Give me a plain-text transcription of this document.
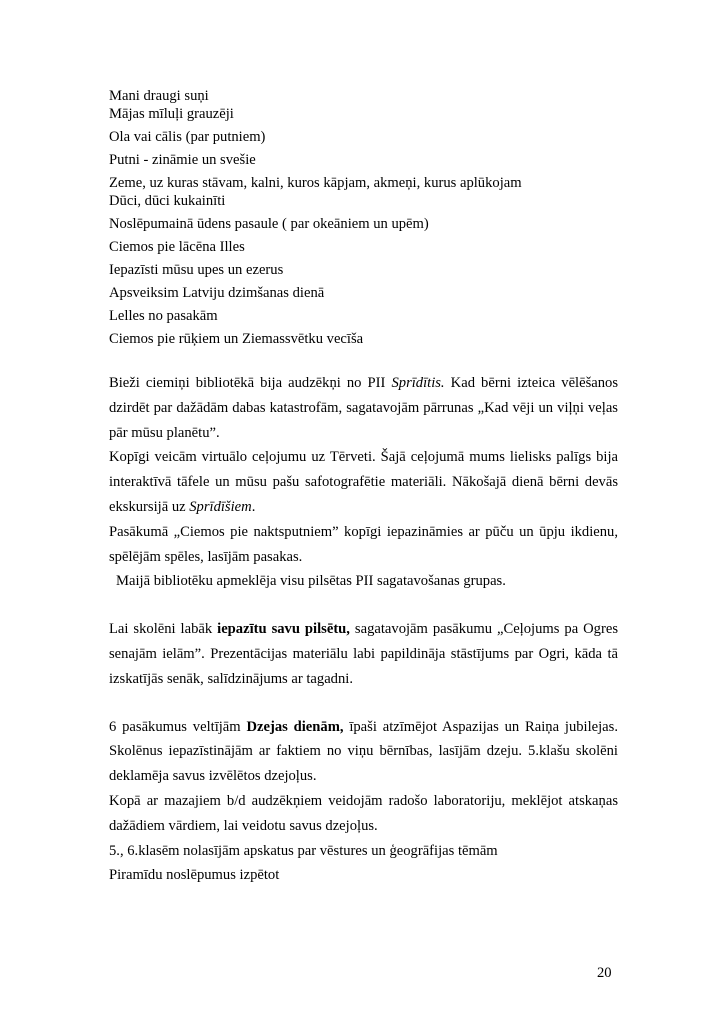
Mani draugi suņi

Mājas mīluļi grauzēji

Ola vai cālis (par putniem)

Putni - zināmie un svešie

Zeme, uz kuras stāvam, kalni, kuros kāpjam, akmeņi, kurus aplūkojam

Dūci, dūci kukainīti

Noslēpumainā ūdens pasaule ( par okeāniem un upēm)

Ciemos pie lācēna Illes

Iepazīsti mūsu upes un ezerus

Apsveiksim Latviju dzimšanas dienā

Lelles no pasakām

Ciemos pie rūķiem un Ziemassvētku vecīša

Bieži ciemiņi bibliotēkā bija audzēkņi no PII Sprīdītis. Kad bērni izteica vēlēšanos dzirdēt par dažādām dabas katastrofām, sagatavojām pārrunas „Kad vēji un viļņi veļas pār mūsu planētu”.

Kopīgi veicām virtuālo ceļojumu uz Tērveti. Šajā ceļojumā mums lielisks palīgs bija interaktīvā tāfele un mūsu pašu safotografētie materiāli. Nākošajā dienā bērni devās ekskursijā uz Sprīdīšiem.

Pasākumā „Ciemos pie naktsputniem” kopīgi iepazināmies ar pūču un ūpju ikdienu, spēlējām spēles, lasījām pasakas.

Maijā bibliotēku apmeklēja visu pilsētas PII sagatavošanas grupas.

Lai skolēni labāk iepazītu savu pilsētu, sagatavojām pasākumu „Ceļojums pa Ogres senajām ielām”. Prezentācijas materiālu labi papildināja stāstījums par Ogri, kāda tā izskatījās senāk, salīdzinājums ar tagadni.

6 pasākumus veltījām Dzejas dienām, īpaši atzīmējot Aspazijas un Raiņa jubilejas. Skolēnus iepazīstinājām ar faktiem no viņu bērnības, lasījām dzeju. 5.klašu skolēni deklamēja savus izvēlētos dzejoļus.

Kopā ar mazajiem b/d audzēkņiem veidojām radošo laboratoriju, meklējot atskaņas dažādiem vārdiem, lai veidotu savus dzejoļus.

5., 6.klasēm nolasījām apskatus par vēstures un ģeogrāfijas tēmām

Piramīdu noslēpumus izpētot

20
